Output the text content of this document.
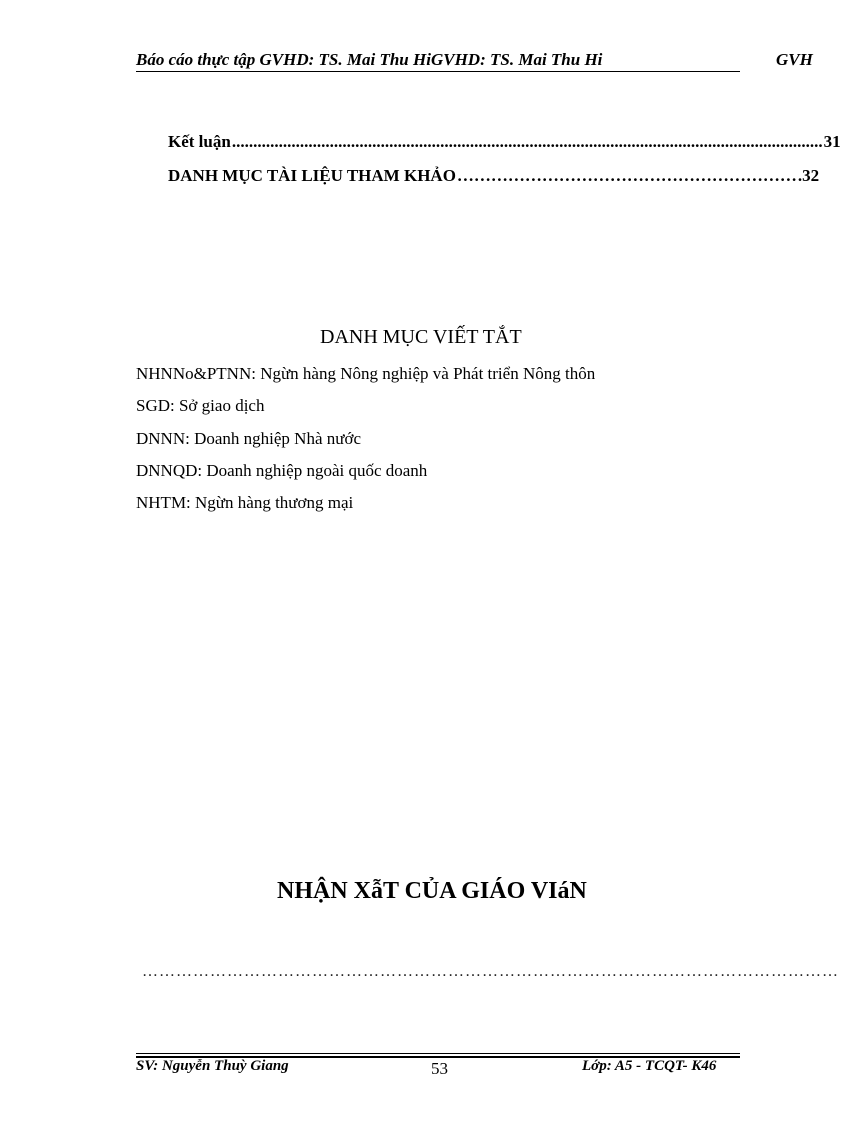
Báo cáo thực tập GVHD: TS. Mai Thu HiGVHD: TS. Mai Thu Hi	GVH
Kết luận ........................................................................................................................................... 31
DANH MỤC TÀI LIỆU THAM KHẢO …………………………………………………… .32
DANH MỤC VIẾT TẮT
NHNNo&PTNN: Ngừn hàng Nông nghiệp và Phát triển Nông thôn
SGD: Sở giao dịch
DNNN: Doanh nghiệp Nhà nước
DNNQD: Doanh nghiệp ngoài quốc doanh
NHTM: Ngừn hàng thương mại
NHẬN XẫT CỦA GIÁO VIáN
……………………………………………………………………………………………………………
SV: Nguyễn Thuỳ Giang	53	Lớp: A5 - TCQT- K46
